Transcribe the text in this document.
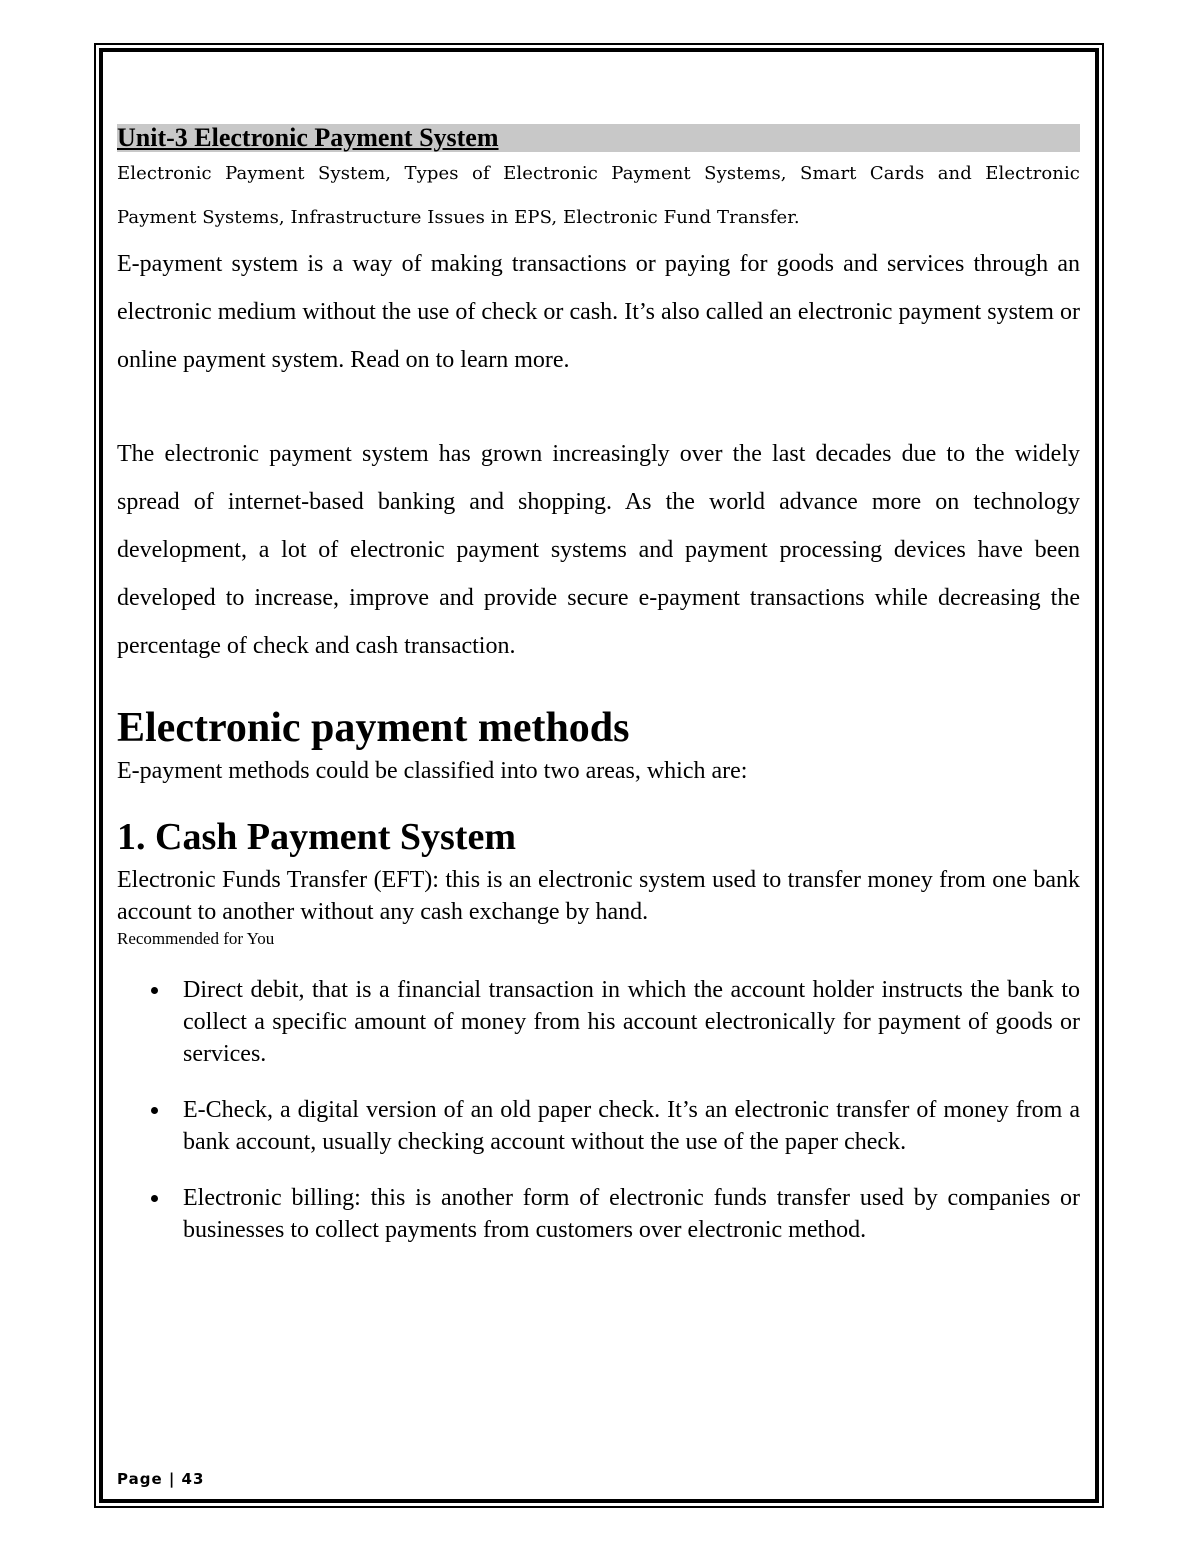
Unit-3 Electronic Payment System

Electronic Payment System, Types of Electronic Payment Systems, Smart Cards and Electronic Payment Systems, Infrastructure Issues in EPS, Electronic Fund Transfer.

E-payment system is a way of making transactions or paying for goods and services through an electronic medium without the use of check or cash. It’s also called an electronic payment system or online payment system. Read on to learn more.

The electronic payment system has grown increasingly over the last decades due to the widely spread of internet-based banking and shopping. As the world advance more on technology development, a lot of electronic payment systems and payment processing devices have been developed to increase, improve and provide secure e-payment transactions while decreasing the percentage of check and cash transaction.

Electronic payment methods

E-payment methods could be classified into two areas, which are:

1. Cash Payment System

Electronic Funds Transfer (EFT): this is an electronic system used to transfer money from one bank account to another without any cash exchange by hand.

Recommended for You

Direct debit, that is a financial transaction in which the account holder instructs the bank to collect a specific amount of money from his account electronically for payment of goods or services.
E-Check, a digital version of an old paper check. It’s an electronic transfer of money from a bank account, usually checking account without the use of the paper check.
Electronic billing: this is another form of electronic funds transfer used by companies or businesses to collect payments from customers over electronic method.
Page | 43
